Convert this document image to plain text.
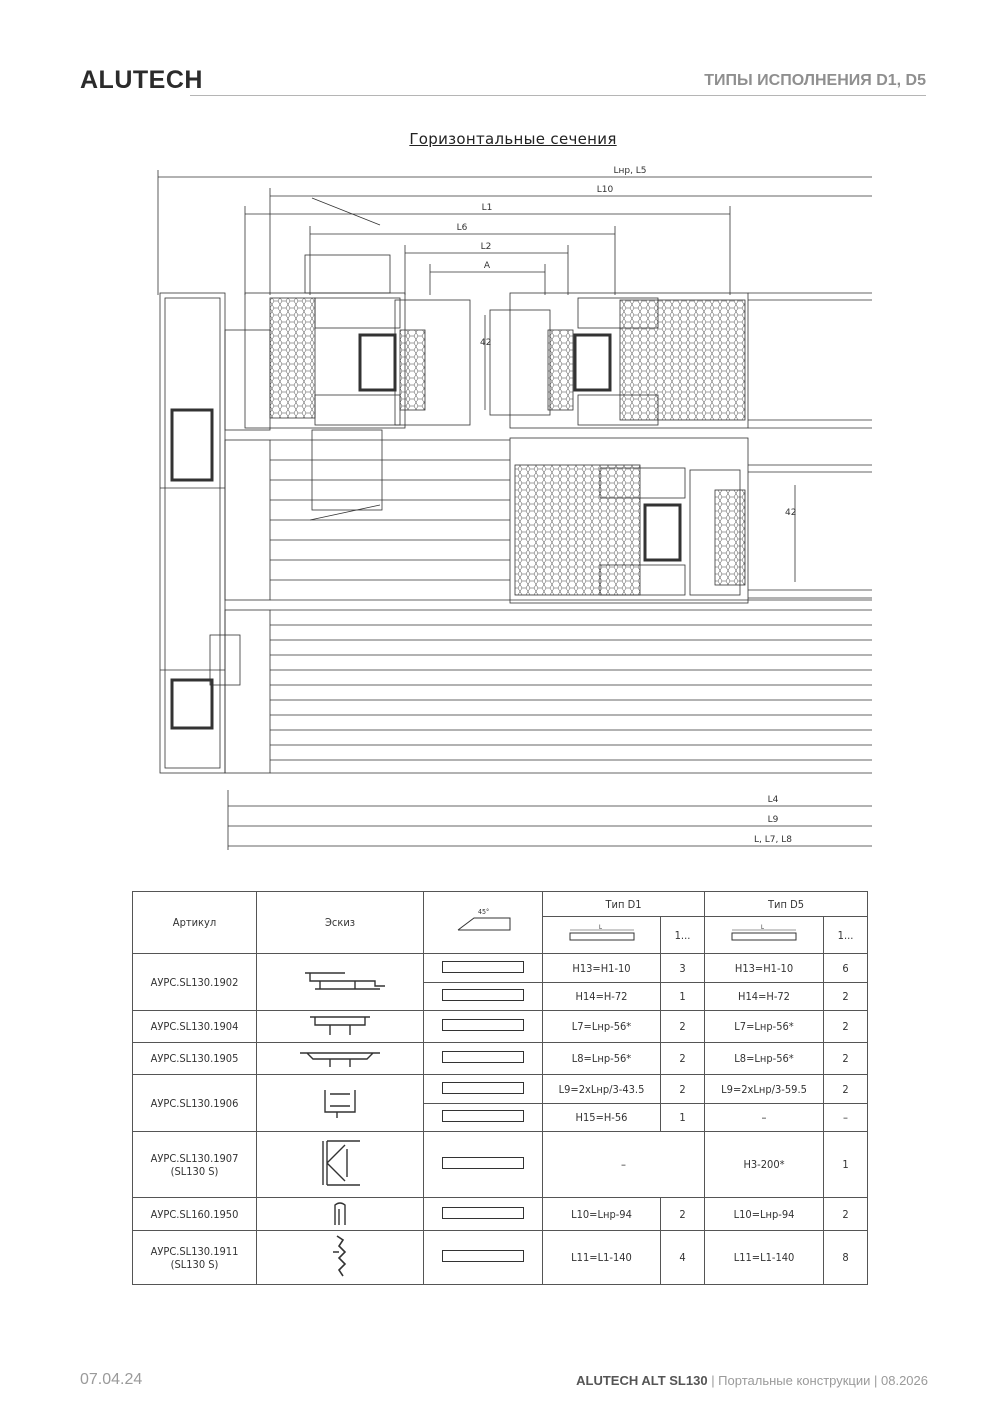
ALUTECH	ТИПЫ ИСПОЛНЕНИЯ D1, D5
Горизонтальные сечения
Lнр, L5
L10
L1
L6
L2
A
42
42
L4
L9
L, L7, L8
Артикул	Эскиз	45°	Тип D1		Тип D5	

L	1...	L	1...
АУРС.SL130.1902			H13=H1-10	3	H13=H1-10	6
			H14=H-72	1	H14=H-72	2
АУРС.SL130.1904			L7=Lнр-56*	2	L7=Lнр-56*	2
АУРС.SL130.1905			L8=Lнр-56*	2	L8=Lнр-56*	2
АУРС.SL130.1906			L9=2xLнр/3-43.5	2	L9=2xLнр/3-59.5	2
			H15=H-56	1	–	–

АУРС.SL130.1907
(SL130 S)			–		H3-200*	1
АУРС.SL160.1950			L10=Lнр-94	2	L10=Lнр-94	2

АУРС.SL130.1911
(SL130 S)			L11=L1-140	4	L11=L1-140	8
07.04.24	ALUTECH ALT SL130 | Портальные конструкции | 08.2026
